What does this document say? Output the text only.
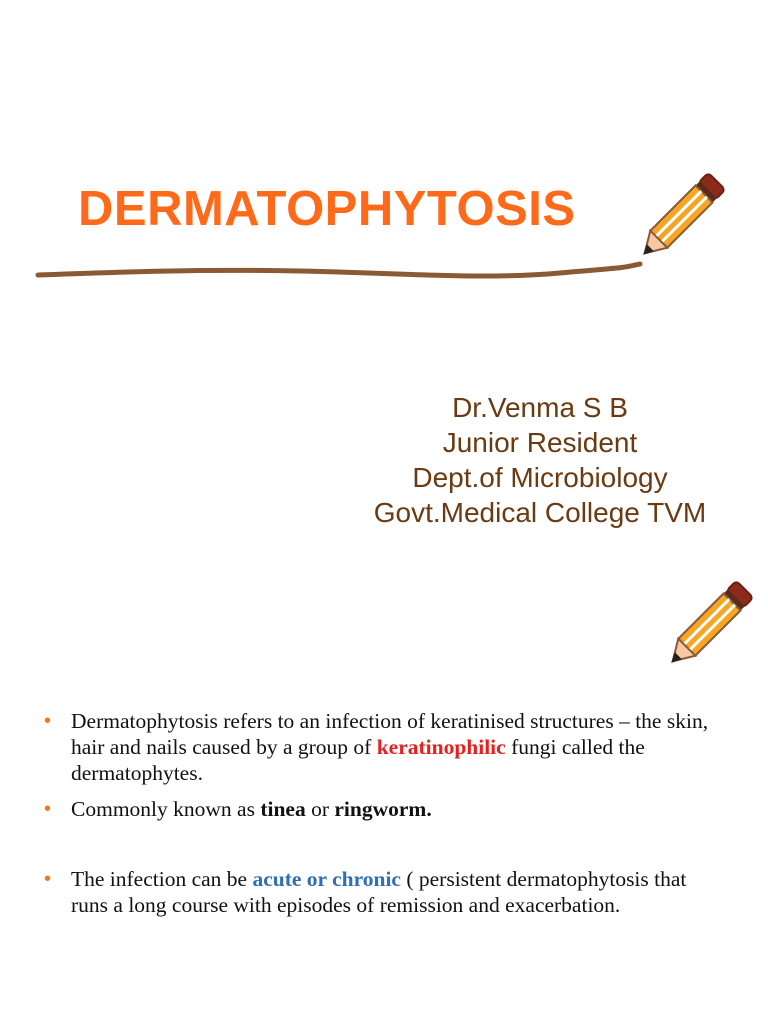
DERMATOPHYTOSIS
• Dermatophytosis refers to an infection of keratinised structures – the skin, hair and nails caused by a group of keratinophilic fungi called the dermatophytes.
• Commonly known as tinea or ringworm.
• The infection can be acute or chronic ( persistent dermatophytosis that runs a long course with episodes of remission and exacerbation.
Dr.Venma S B
Junior Resident
Dept.of Microbiology
Govt.Medical College TVM
